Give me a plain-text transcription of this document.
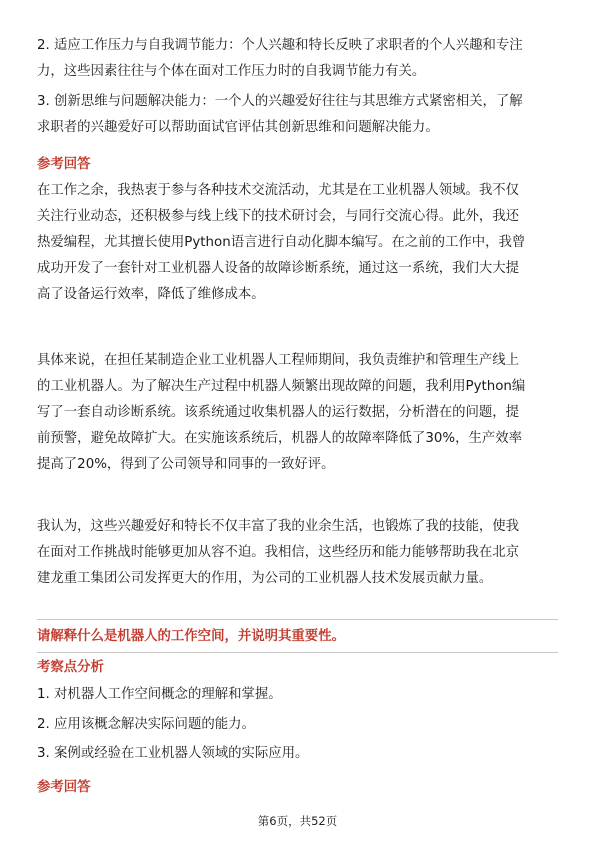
2. 适应工作压力与自我调节能力：个人兴趣和特长反映了求职者的个人兴趣和专注
力，这些因素往往与个体在面对工作压力时的自我调节能力有关。

3. 创新思维与问题解决能力：一个人的兴趣爱好往往与其思维方式紧密相关，了解
求职者的兴趣爱好可以帮助面试官评估其创新思维和问题解决能力。

参考回答

在工作之余，我热衷于参与各种技术交流活动，尤其是在工业机器人领域。我不仅
关注行业动态，还积极参与线上线下的技术研讨会，与同行交流心得。此外，我还
热爱编程，尤其擅长使用Python语言进行自动化脚本编写。在之前的工作中，我曾
成功开发了一套针对工业机器人设备的故障诊断系统，通过这一系统，我们大大提
高了设备运行效率，降低了维修成本。

具体来说，在担任某制造企业工业机器人工程师期间，我负责维护和管理生产线上
的工业机器人。为了解决生产过程中机器人频繁出现故障的问题，我利用Python编
写了一套自动诊断系统。该系统通过收集机器人的运行数据，分析潜在的问题，提
前预警，避免故障扩大。在实施该系统后，机器人的故障率降低了30%，生产效率
提高了20%，得到了公司领导和同事的一致好评。

我认为，这些兴趣爱好和特长不仅丰富了我的业余生活，也锻炼了我的技能，使我
在面对工作挑战时能够更加从容不迫。我相信，这些经历和能力能够帮助我在北京
建龙重工集团公司发挥更大的作用，为公司的工业机器人技术发展贡献力量。

请解释什么是机器人的工作空间，并说明其重要性。

考察点分析

1. 对机器人工作空间概念的理解和掌握。

2. 应用该概念解决实际问题的能力。

3. 案例或经验在工业机器人领域的实际应用。

参考回答

第6页，共52页
